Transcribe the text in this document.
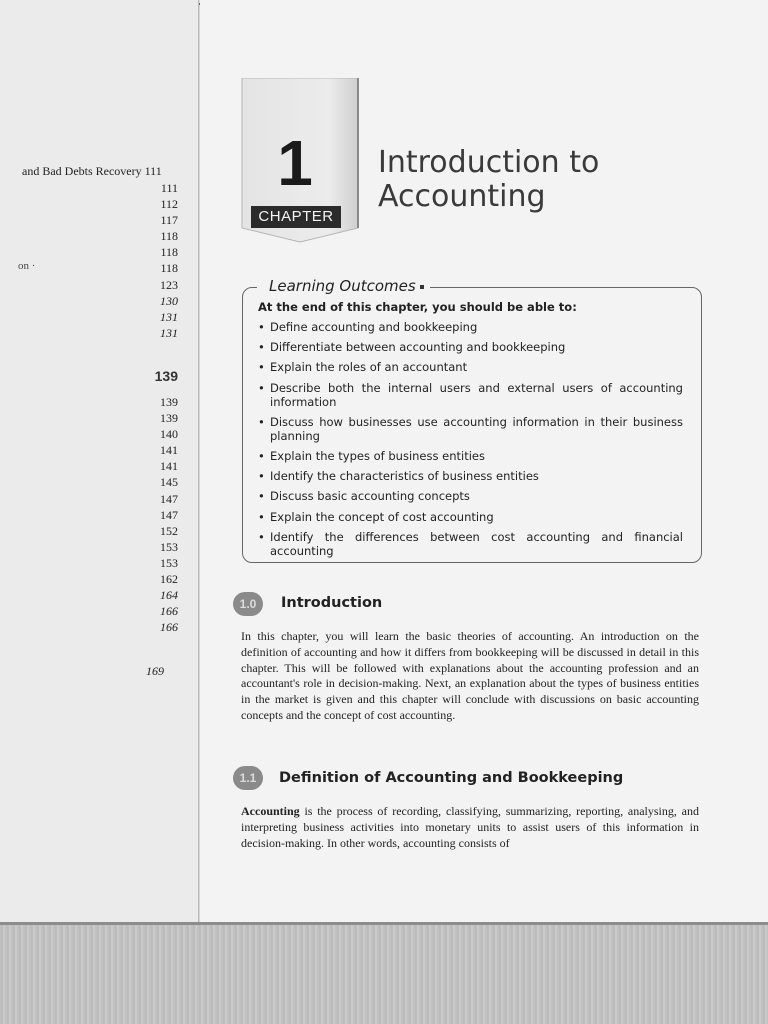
and Bad Debts Recovery 111
on ·
111
112
117
118
118
118
123
130
131
131
139
139
139
140
141
141
145
147
147
152
153
153
162
164
166
166
169
1
CHAPTER
Introduction to
Accounting
Learning Outcomes
At the end of this chapter, you should be able to:
• Define accounting and bookkeeping
• Differentiate between accounting and bookkeeping
• Explain the roles of an accountant
• Describe both the internal users and external users of accounting information
• Discuss how businesses use accounting information in their business planning
• Explain the types of business entities
• Identify the characteristics of business entities
• Discuss basic accounting concepts
• Explain the concept of cost accounting
• Identify the differences between cost accounting and financial accounting
1.0	Introduction

In this chapter, you will learn the basic theories of accounting. An introduction on the definition of accounting and how it differs from bookkeeping will be discussed in detail in this chapter. This will be followed with explanations about the accounting profession and an accountant's role in decision-making. Next, an explanation about the types of business entities in the market is given and this chapter will conclude with discussions on basic accounting concepts and the concept of cost accounting.

1.1	Definition of Accounting and Bookkeeping

Accounting is the process of recording, classifying, summarizing, reporting, analysing, and interpreting business activities into monetary units to assist users of this information in decision-making. In other words, accounting consists of
